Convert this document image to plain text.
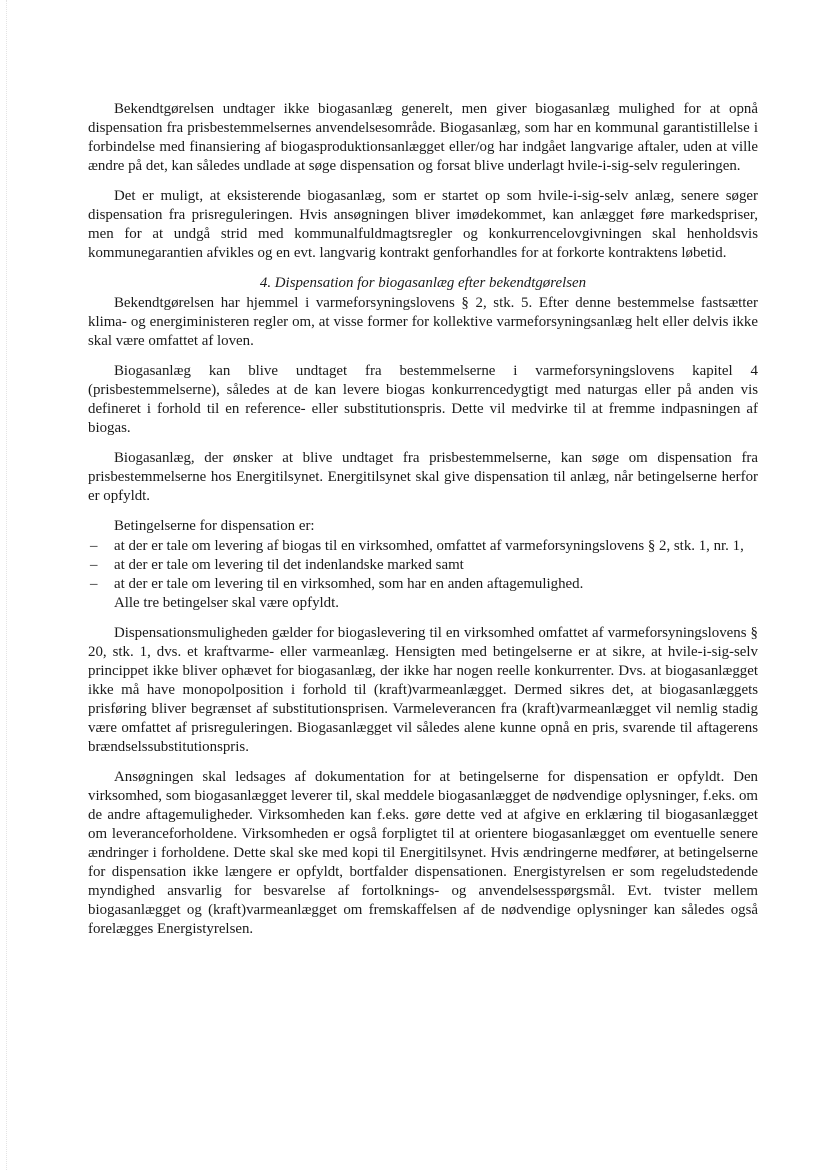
Bekendtgørelsen undtager ikke biogasanlæg generelt, men giver biogasanlæg mulighed for at opnå dispensation fra prisbestemmelsernes anvendelsesområde. Biogasanlæg, som har en kommunal garantistillelse i forbindelse med finansiering af biogasproduktionsanlægget eller/og har indgået langvarige aftaler, uden at ville ændre på det, kan således undlade at søge dispensation og forsat blive underlagt hvile-i-sig-selv reguleringen.

Det er muligt, at eksisterende biogasanlæg, som er startet op som hvile-i-sig-selv anlæg, senere søger dispensation fra prisreguleringen. Hvis ansøgningen bliver imødekommet, kan anlægget føre markedspriser, men for at undgå strid med kommunalfuldmagtsregler og konkurrencelovgivningen skal henholdsvis kommunegarantien afvikles og en evt. langvarig kontrakt genforhandles for at forkorte kontraktens løbetid.

4. Dispensation for biogasanlæg efter bekendtgørelsen

Bekendtgørelsen har hjemmel i varmeforsyningslovens § 2, stk. 5. Efter denne bestemmelse fastsætter klima- og energiministeren regler om, at visse former for kollektive varmeforsyningsanlæg helt eller delvis ikke skal være omfattet af loven.

Biogasanlæg kan blive undtaget fra bestemmelserne i varmeforsyningslovens kapitel 4 (prisbestemmelserne), således at de kan levere biogas konkurrencedygtigt med naturgas eller på anden vis defineret i forhold til en reference- eller substitutionspris. Dette vil medvirke til at fremme indpasningen af biogas.

Biogasanlæg, der ønsker at blive undtaget fra prisbestemmelserne, kan søge om dispensation fra prisbestemmelserne hos Energitilsynet. Energitilsynet skal give dispensation til anlæg, når betingelserne herfor er opfyldt.

Betingelserne for dispensation er:

– at der er tale om levering af biogas til en virksomhed, omfattet af varmeforsyningslovens § 2, stk. 1, nr. 1,
– at der er tale om levering til det indenlandske marked samt
– at der er tale om levering til en virksomhed, som har en anden aftagemulighed.

Alle tre betingelser skal være opfyldt.

Dispensationsmuligheden gælder for biogaslevering til en virksomhed omfattet af varmeforsyningslovens § 20, stk. 1, dvs. et kraftvarme- eller varmeanlæg. Hensigten med betingelserne er at sikre, at hvile-i-sig-selv princippet ikke bliver ophævet for biogasanlæg, der ikke har nogen reelle konkurrenter. Dvs. at biogasanlægget ikke må have monopolposition i forhold til (kraft)varmeanlægget. Dermed sikres det, at biogasanlæggets prisføring bliver begrænset af substitutionsprisen. Varmeleverancen fra (kraft)varmeanlægget vil nemlig stadig være omfattet af prisreguleringen. Biogasanlægget vil således alene kunne opnå en pris, svarende til aftagerens brændselssubstitutionspris.

Ansøgningen skal ledsages af dokumentation for at betingelserne for dispensation er opfyldt. Den virksomhed, som biogasanlægget leverer til, skal meddele biogasanlægget de nødvendige oplysninger, f.eks. om de andre aftagemuligheder. Virksomheden kan f.eks. gøre dette ved at afgive en erklæring til biogasanlægget om leveranceforholdene. Virksomheden er også forpligtet til at orientere biogasanlægget om eventuelle senere ændringer i forholdene. Dette skal ske med kopi til Energitilsynet. Hvis ændringerne medfører, at betingelserne for dispensation ikke længere er opfyldt, bortfalder dispensationen. Energistyrelsen er som regeludstedende myndighed ansvarlig for besvarelse af fortolknings- og anvendelsesspørgsmål. Evt. tvister mellem biogasanlægget og (kraft)varmeanlægget om fremskaffelsen af de nødvendige oplysninger kan således også forelægges Energistyrelsen.
